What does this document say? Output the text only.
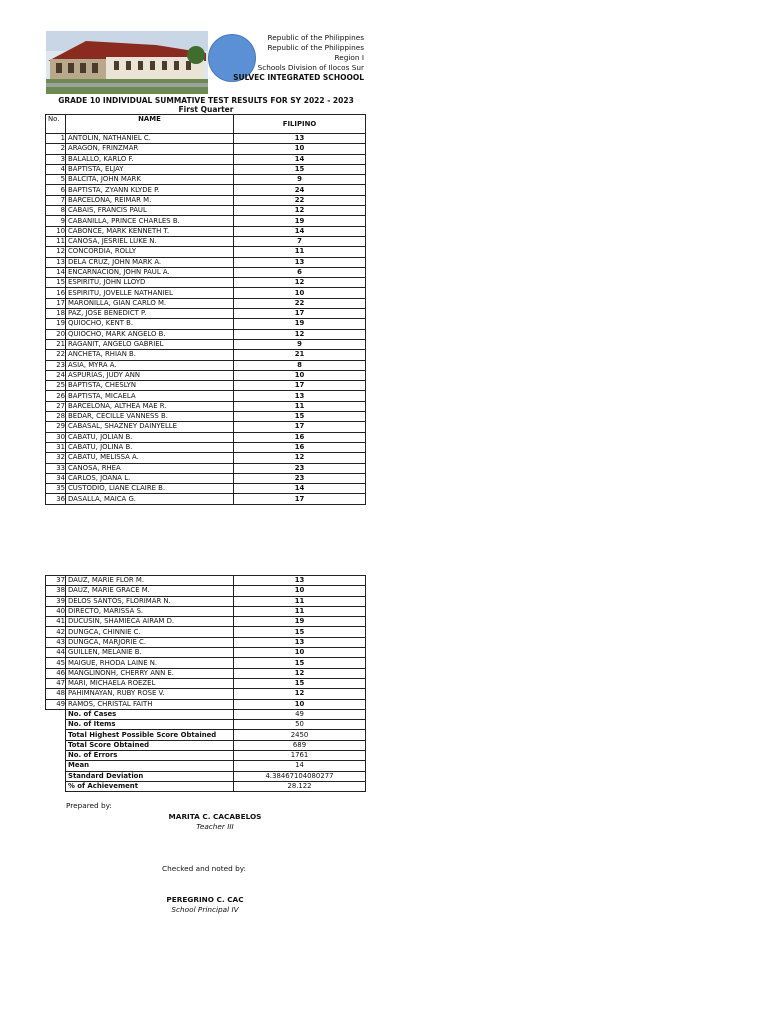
Republic of the Philippines
Republic of the Philippines
Region I
Schools Division of Ilocos Sur
SULVEC INTEGRATED SCHOOOL
GRADE 10 INDIVIDUAL SUMMATIVE TEST RESULTS FOR SY 2022 - 2023
First Quarter
No.	NAME	FILIPINO
1	ANTOLIN, NATHANIEL C.	13
2	ARAGON, FRINZMAR	10
3	BALALLO, KARLO F.	14
4	BAPTISTA, ELJAY	15
5	BALCITA, JOHN MARK	9
6	BAPTISTA, ZYANN KLYDE P.	24
7	BARCELONA, REIMAR M.	22
8	CABAIS, FRANCIS PAUL	12
9	CABANILLA, PRINCE CHARLES B.	19
10	CABONCE, MARK KENNETH T.	14
11	CANOSA, JESRIEL LUKE N.	7
12	CONCORDIA, ROLLY	11
13	DELA CRUZ, JOHN MARK A.	13
14	ENCARNACION, JOHN PAUL A.	6
15	ESPIRITU, JOHN LLOYD	12
16	ESPIRITU, JOVELLE NATHANIEL	10
17	MARONILLA, GIAN CARLO M.	22
18	PAZ, JOSE BENEDICT P.	17
19	QUIOCHO, KENT B.	19
20	QUIOCHO, MARK ANGELO B.	12
21	RAGANIT, ANGELO GABRIEL	9
22	ANCHETA, RHIAN B.	21
23	ASIA, MYRA A.	8
24	ASPURIAS, JUDY ANN	10
25	BAPTISTA, CHESLYN	17
26	BAPTISTA, MICAELA	13
27	BARCELONA, ALTHEA MAE R.	11
28	BEDAR, CECILLE VANNESS B.	15
29	CABASAL, SHAZNEY DAINYELLE	17
30	CABATU, JOLIAN B.	16
31	CABATU, JOLINA B.	16
32	CABATU, MELISSA A.	12
33	CANOSA, RHEA	23
34	CARLOS, JOANA L.	23
35	CUSTODIO, LIANE CLAIRE B.	14
36	DASALLA, MAICA G.	17
37	DAUZ, MARIE FLOR M.	13
38	DAUZ, MARIE GRACE M.	10
39	DELOS SANTOS, FLORIMAR N.	11
40	DIRECTO, MARISSA S.	11
41	DUCUSIN, SHAMIECA AIRAM D.	19
42	DUNGCA, CHINNIE C.	15
43	DUNGCA, MARJORIE C.	13
44	GUILLEN, MELANIE B.	10
45	MAIGUE, RHODA LAINE N.	15
46	MANGLINONH, CHERRY ANN E.	12
47	MARI, MICHAELA ROEZEL	15
48	PAHIMNAYAN, RUBY ROSE V.	12
49	RAMOS, CHRISTAL FAITH	10
	No. of Cases	49
	No. of Items	50
	Total Highest Possible Score Obtained	2450
	Total Score Obtained	689
	No. of Errors	1761
	Mean	14
	Standard Deviation	4.38467104080277
	% of Achievement	28.122
Prepared by:
MARITA C. CACABELOS
Teacher III
Checked and noted by:
PEREGRINO C. CAC
School Principal IV
